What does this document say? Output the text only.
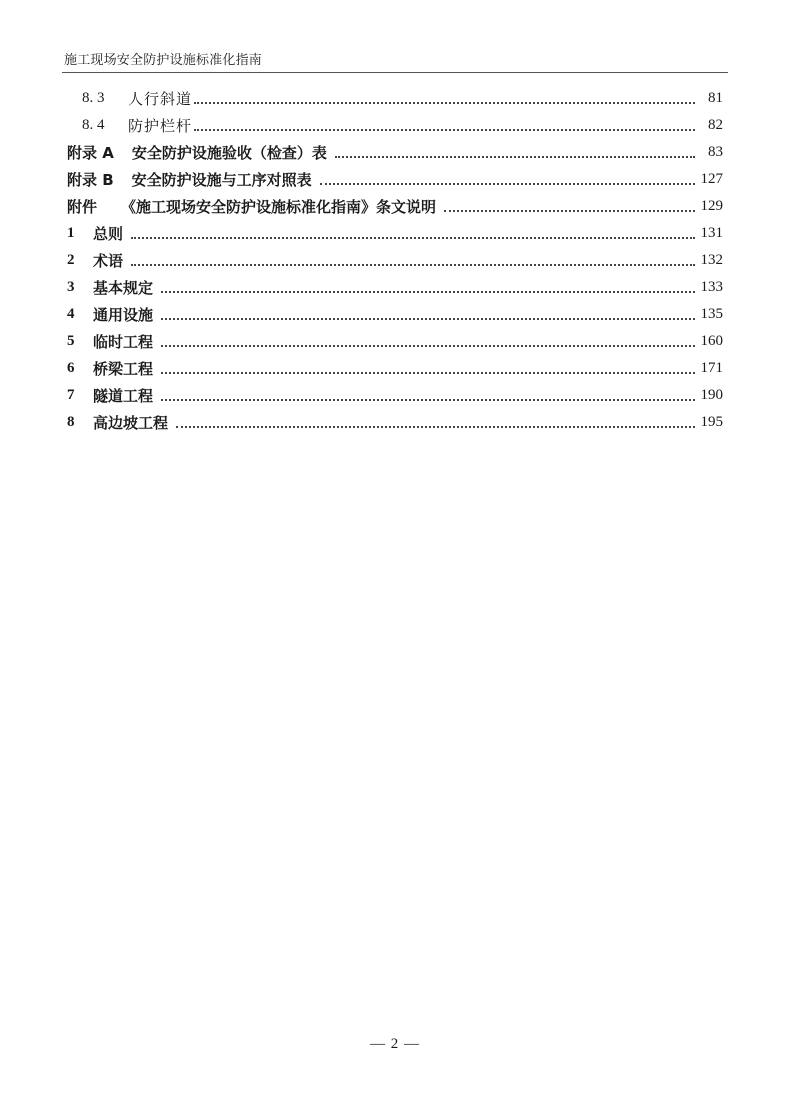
施工现场安全防护设施标准化指南
8. 3	人行斜道	81
8. 4	防护栏杆	82
附录 A 安全防护设施验收（检查）表	83
附录 B 安全防护设施与工序对照表	127
附件 《施工现场安全防护设施标准化指南》条文说明	129
1	总则	131
2	术语	132
3	基本规定	133
4	通用设施	135
5	临时工程	160
6	桥梁工程	171
7	隧道工程	190
8	高边坡工程	195
— 2 —
